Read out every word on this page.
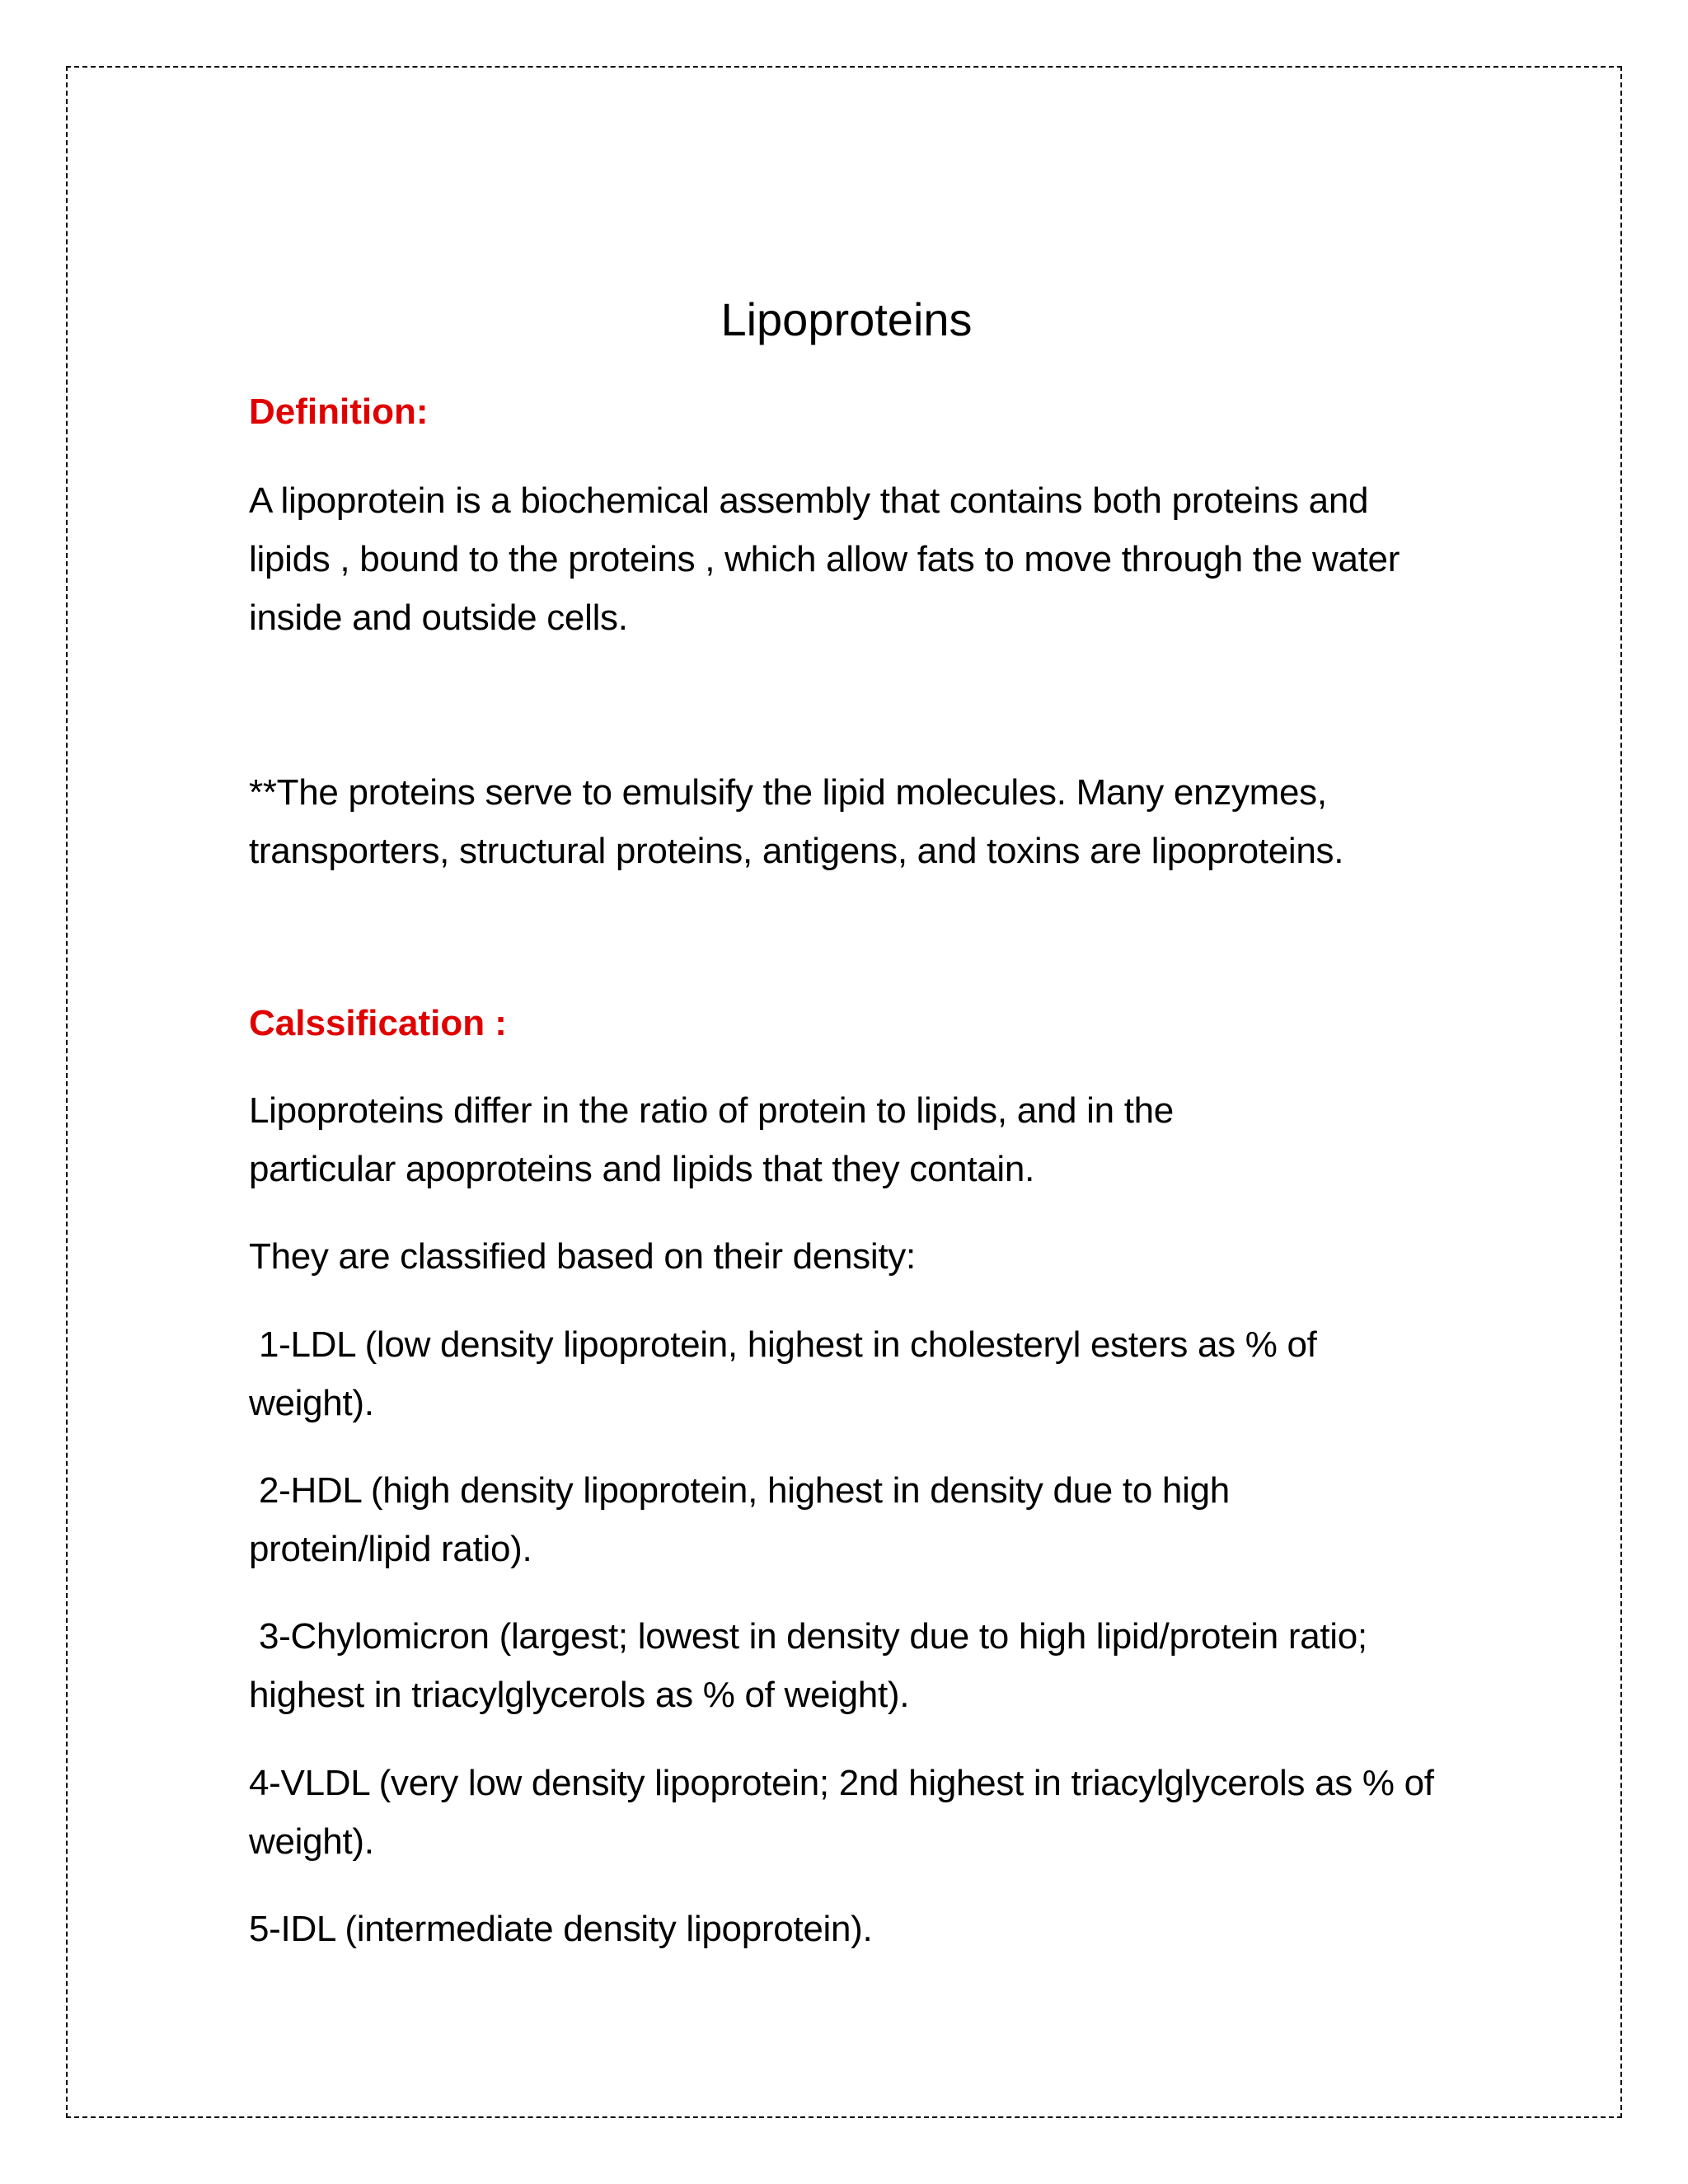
Lipoproteins
Definition:

A lipoprotein is a biochemical assembly that contains both proteins and lipids , bound to the proteins , which allow fats to move through the water inside and outside cells.

**The proteins serve to emulsify the lipid molecules. Many enzymes, transporters, structural proteins, antigens, and toxins are lipoproteins.

Calssification :

Lipoproteins differ in the ratio of protein to lipids, and in the particular apoproteins and lipids that they contain.

They are classified based on their density:

1-LDL (low density lipoprotein, highest in cholesteryl esters as % of weight).

2-HDL (high density lipoprotein, highest in density due to high protein/lipid ratio).

3-Chylomicron (largest; lowest in density due to high lipid/protein ratio; highest in triacylglycerols as % of weight).

4-VLDL (very low density lipoprotein; 2nd highest in triacylglycerols as % of weight).

5-IDL (intermediate density lipoprotein).
